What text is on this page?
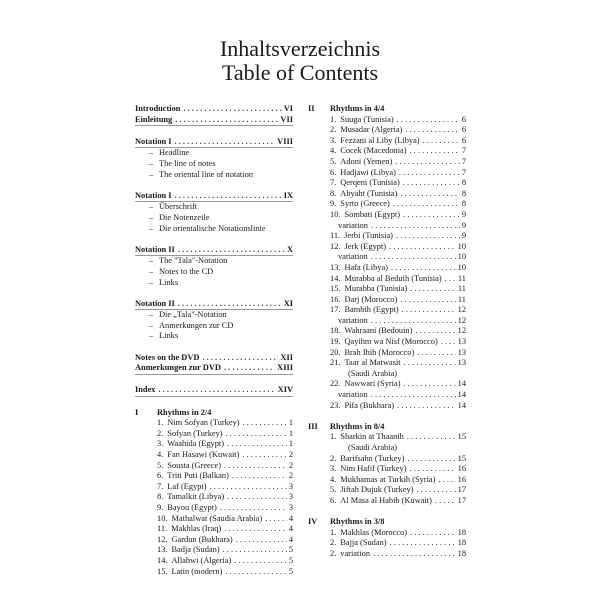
Inhaltsverzeichnis
Table of Contents
Introduction . . .	VI
Einleitung . . .	VII
Notation I . . .	VIII
– Headline
– The line of notes
– The oriental line of notation
Notation I . . .	IX
– Überschrift
– Die Notenzeile
– Die orientalische Notationslinie
Notation II . . .	X
– The "Tala"-Notation
– Notes to the CD
– Links
Notation II . . .	XI
– Die „Tala"-Notation
– Anmerkungen zur CD
– Links
Notes on the DVD . . .	XII
Anmerkungen zur DVD . . .	XIII
Index . . .	XIV
I Rhythms in 2/4
1. Nim Sofyan (Turkey) . . .	1
2. Sofyan (Turkey) . . .	1
3. Waahida (Egypt) . . .	1
4. Fan Hasawi (Kuwait) . . .	2
5. Sousta (Greece) . . .	2
6. Triti Puti (Balkan) . . .	2
7. Laf (Egypt) . . .	3
8. Tamalkit (Libya) . . .	3
9. Bayou (Egypt) . . .	3
10. Mathalwat (Saudia Arabia) . . .	4
11. Makhlas (Iraq) . . .	4
12. Gardun (Bukhara) . . .	4
13. Badja (Sudan) . . .	5
14. Allahwi (Algeria) . . .	5
15. Latin (modern) . . .	5
II Rhythms in 4/4
1. Suuga (Tunisia) . . .	6
2. Musadar (Algeria) . . .	6
3. Fezzani al Liby (Libya) . . .	6
4. Cocek (Macedonia) . . .	7
5. Adoni (Yemen) . . .	7
6. Hadjawi (Libya) . . .	7
7. Qerqeni (Tunisia) . . .	8
8. Abyaht (Tunisia) . . .	8
9. Syrto (Greece) . . .	8
10. Sombati (Egypt) . . .	9
variation . . .	9
11. Jerbi (Tunisia) . . .	9
12. Jerk (Egypt) . . .	10
variation . . .	10
13. Hafa (Libya) . . .	10
14. Murabba al Beduih (Tunisia) . . . 11
15. Murabba (Tunisia) . . .	11
16. Darj (Morocco) . . .	11
17. Bambih (Egypt) . . .	12
variation . . .	12
18. Wahraani (Bedouin) . . .	12
19. Qayihm wa Nisf (Morocco) . . . 13
20. Brah Ihih (Morocco) . . .	13
21. Taar al Matwasit . . .	13
(Saudi Arabia)
22. Nawwari (Syria) . . .	14
variation . . .	14
23. Pifa (Bukhara) . . .	14
III Rhythms in 8/4
1. Sharkin at Thaanih . . .	15
(Saudi Arabia)
2. Barifsahn (Turkey) . . .	15
3. Nim Hafif (Turkey) . . .	16
4. Mukhamas at Turkih (Syria) . . .	16
5. Jiftah Dujuk (Turkey) . . .	17
6. Al Masa al Habib (Kuwait) . . .	17
IV Rhythms in 3/8
1. Makhlas (Morocco) . . .	18
2. Bajja (Sudan) . . .	18
2. variation . . .	18
